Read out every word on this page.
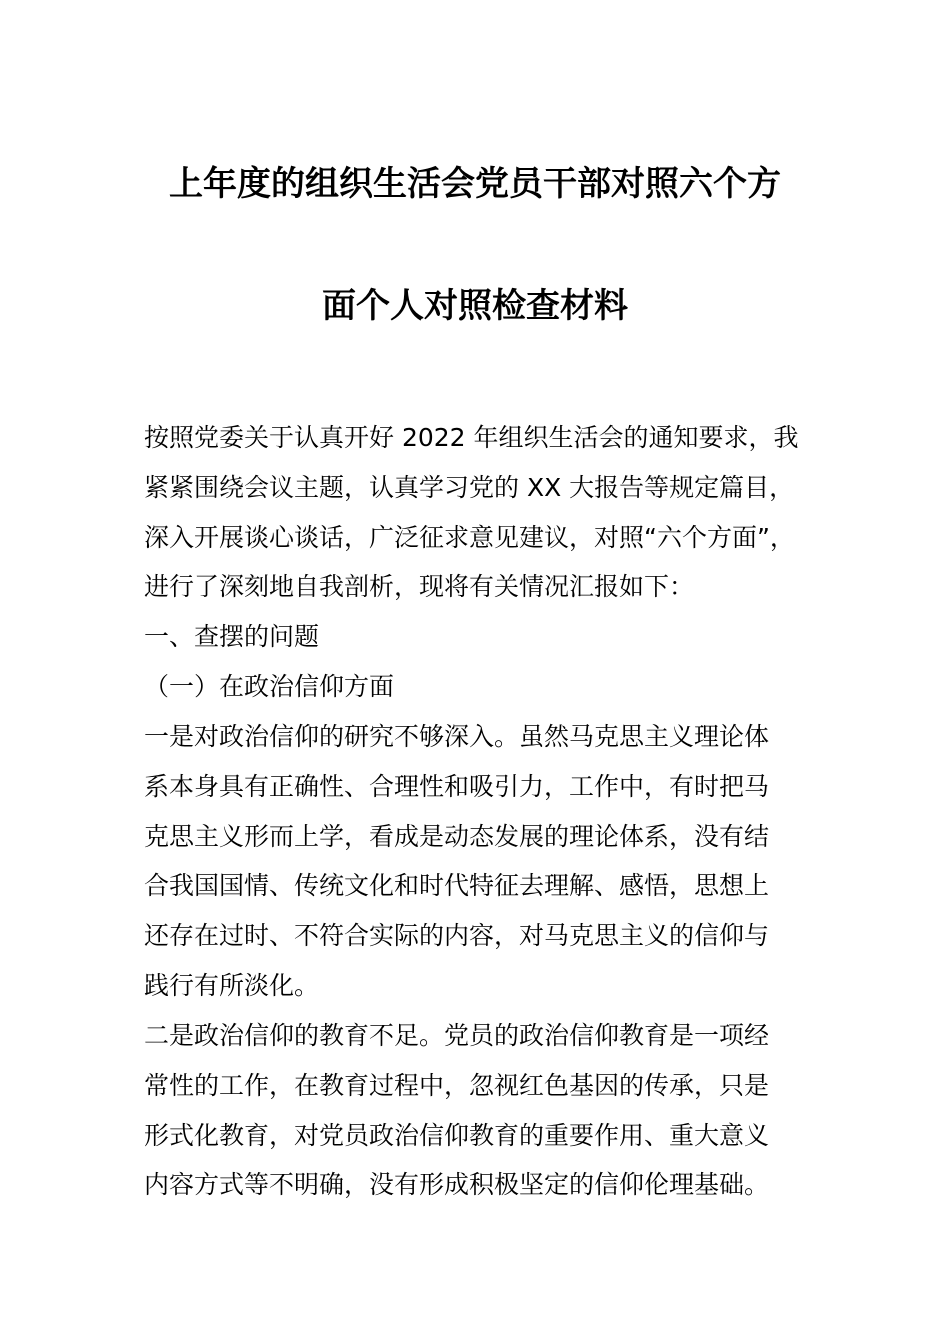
上年度的组织生活会党员干部对照六个方
面个人对照检查材料
按照党委关于认真开好 2022 年组织生活会的通知要求，我
紧紧围绕会议主题，认真学习党的 XX 大报告等规定篇目，
深入开展谈心谈话，广泛征求意见建议，对照“六个方面”，
进行了深刻地自我剖析，现将有关情况汇报如下：
一、查摆的问题
（一）在政治信仰方面
一是对政治信仰的研究不够深入。虽然马克思主义理论体
系本身具有正确性、合理性和吸引力，工作中，有时把马
克思主义形而上学，看成是动态发展的理论体系，没有结
合我国国情、传统文化和时代特征去理解、感悟，思想上
还存在过时、不符合实际的内容，对马克思主义的信仰与
践行有所淡化。
二是政治信仰的教育不足。党员的政治信仰教育是一项经
常性的工作，在教育过程中，忽视红色基因的传承，只是
形式化教育，对党员政治信仰教育的重要作用、重大意义
内容方式等不明确，没有形成积极坚定的信仰伦理基础。
